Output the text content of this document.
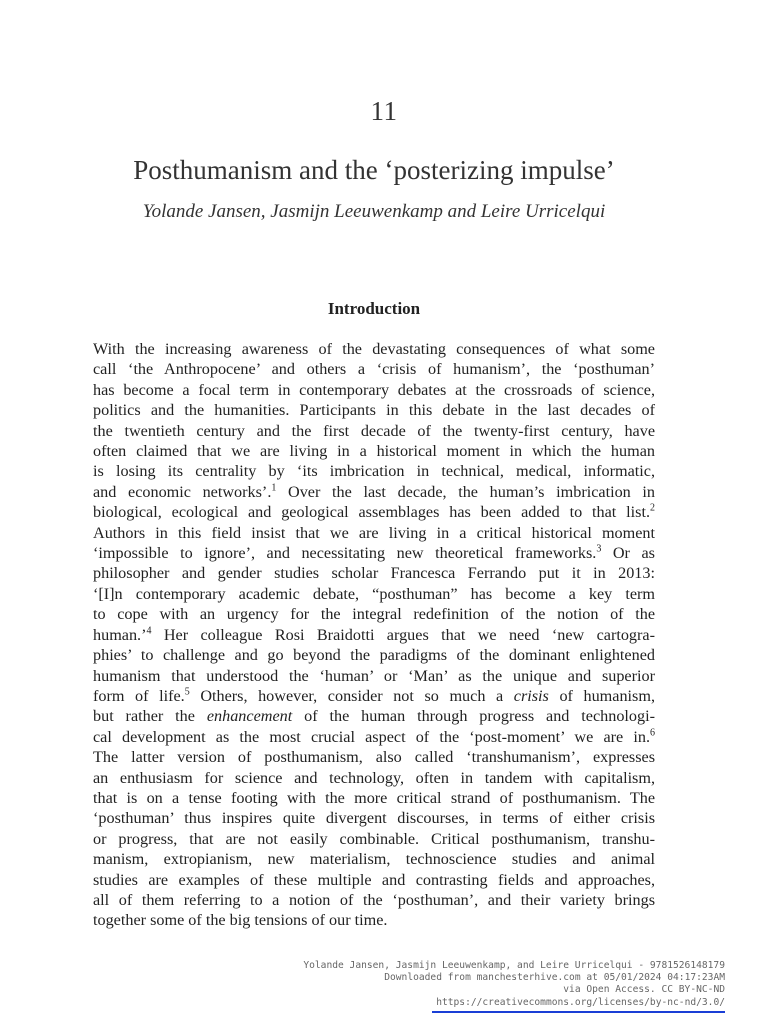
11
Posthumanism and the ‘posterizing impulse’
Yolande Jansen, Jasmijn Leeuwenkamp and Leire Urricelqui
Introduction
With the increasing awareness of the devastating consequences of what some
call ‘the Anthropocene’ and others a ‘crisis of humanism’, the ‘posthuman’
has become a focal term in contemporary debates at the crossroads of science,
politics and the humanities. Participants in this debate in the last decades of
the twentieth century and the first decade of the twenty-first century, have
often claimed that we are living in a historical moment in which the human
is losing its centrality by ‘its imbrication in technical, medical, informatic,
and economic networks’.$^1$ Over the last decade, the human’s imbrication in
biological, ecological and geological assemblages has been added to that list.$^2$
Authors in this field insist that we are living in a critical historical moment
‘impossible to ignore’, and necessitating new theoretical frameworks.$^3$ Or as
philosopher and gender studies scholar Francesca Ferrando put it in 2013:
‘[I]n contemporary academic debate, “posthuman” has become a key term
to cope with an urgency for the integral redefinition of the notion of the
human.’$^4$ Her colleague Rosi Braidotti argues that we need ‘new cartogra-
phies’ to challenge and go beyond the paradigms of the dominant enlightened
humanism that understood the ‘human’ or ‘Man’ as the unique and superior
form of life.$^5$ Others, however, consider not so much a crisis of humanism,
but rather the enhancement of the human through progress and technologi-
cal development as the most crucial aspect of the ‘post-moment’ we are in.$^6$
The latter version of posthumanism, also called ‘transhumanism’, expresses
an enthusiasm for science and technology, often in tandem with capitalism,
that is on a tense footing with the more critical strand of posthumanism. The
‘posthuman’ thus inspires quite divergent discourses, in terms of either crisis
or progress, that are not easily combinable. Critical posthumanism, transhu-
manism, extropianism, new materialism, technoscience studies and animal
studies are examples of these multiple and contrasting fields and approaches,
all of them referring to a notion of the ‘posthuman’, and their variety brings
together some of the big tensions of our time.
Yolande Jansen, Jasmijn Leeuwenkamp, and Leire Urricelqui - 9781526148179
Downloaded from manchesterhive.com at 05/01/2024 04:17:23AM
via Open Access. CC BY-NC-ND
https://creativecommons.org/licenses/by-nc-nd/3.0/
